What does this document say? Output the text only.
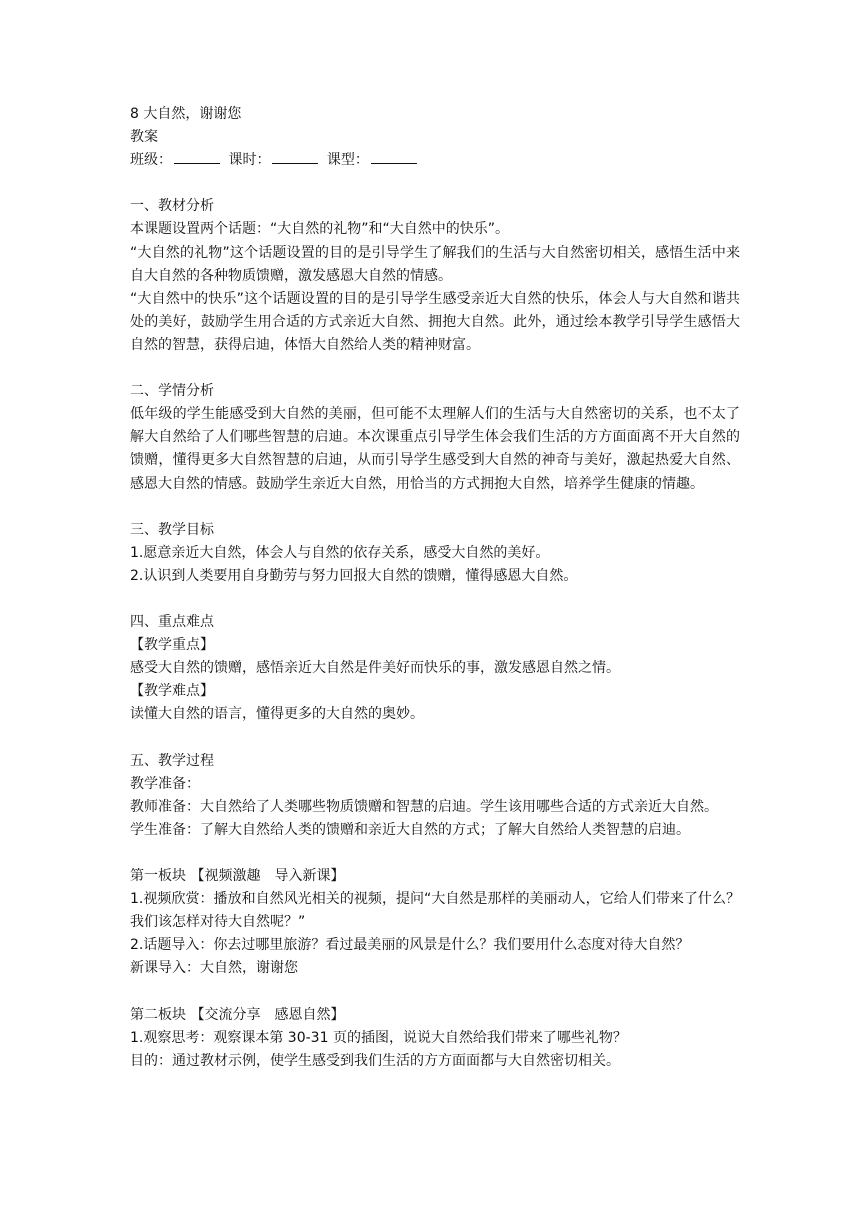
8 大自然，谢谢您

教案

班级：	课时：	课型：

一、教材分析

本课题设置两个话题：“大自然的礼物”和“大自然中的快乐”。

“大自然的礼物”这个话题设置的目的是引导学生了解我们的生活与大自然密切相关，感悟生活中来自大自然的各种物质馈赠，激发感恩大自然的情感。

“大自然中的快乐”这个话题设置的目的是引导学生感受亲近大自然的快乐，体会人与大自然和谐共处的美好，鼓励学生用合适的方式亲近大自然、拥抱大自然。此外，通过绘本教学引导学生感悟大自然的智慧，获得启迪，体悟大自然给人类的精神财富。

二、学情分析

低年级的学生能感受到大自然的美丽，但可能不太理解人们的生活与大自然密切的关系，也不太了解大自然给了人们哪些智慧的启迪。本次课重点引导学生体会我们生活的方方面面离不开大自然的馈赠，懂得更多大自然智慧的启迪，从而引导学生感受到大自然的神奇与美好，激起热爱大自然、感恩大自然的情感。鼓励学生亲近大自然，用恰当的方式拥抱大自然，培养学生健康的情趣。

三、教学目标

1.愿意亲近大自然，体会人与自然的依存关系，感受大自然的美好。

2.认识到人类要用自身勤劳与努力回报大自然的馈赠，懂得感恩大自然。

四、重点难点

【教学重点】

感受大自然的馈赠，感悟亲近大自然是件美好而快乐的事，激发感恩自然之情。

【教学难点】

读懂大自然的语言，懂得更多的大自然的奥妙。

五、教学过程

教学准备：

教师准备：大自然给了人类哪些物质馈赠和智慧的启迪。学生该用哪些合适的方式亲近大自然。

学生准备：了解大自然给人类的馈赠和亲近大自然的方式；了解大自然给人类智慧的启迪。

第一板块 【视频激趣　导入新课】

1.视频欣赏：播放和自然风光相关的视频，提问“大自然是那样的美丽动人，它给人们带来了什么？我们该怎样对待大自然呢？”

2.话题导入：你去过哪里旅游？看过最美丽的风景是什么？我们要用什么态度对待大自然？

新课导入：大自然，谢谢您

第二板块 【交流分享　感恩自然】

1.观察思考：观察课本第 30-31 页的插图，说说大自然给我们带来了哪些礼物？

目的：通过教材示例，使学生感受到我们生活的方方面面都与大自然密切相关。
